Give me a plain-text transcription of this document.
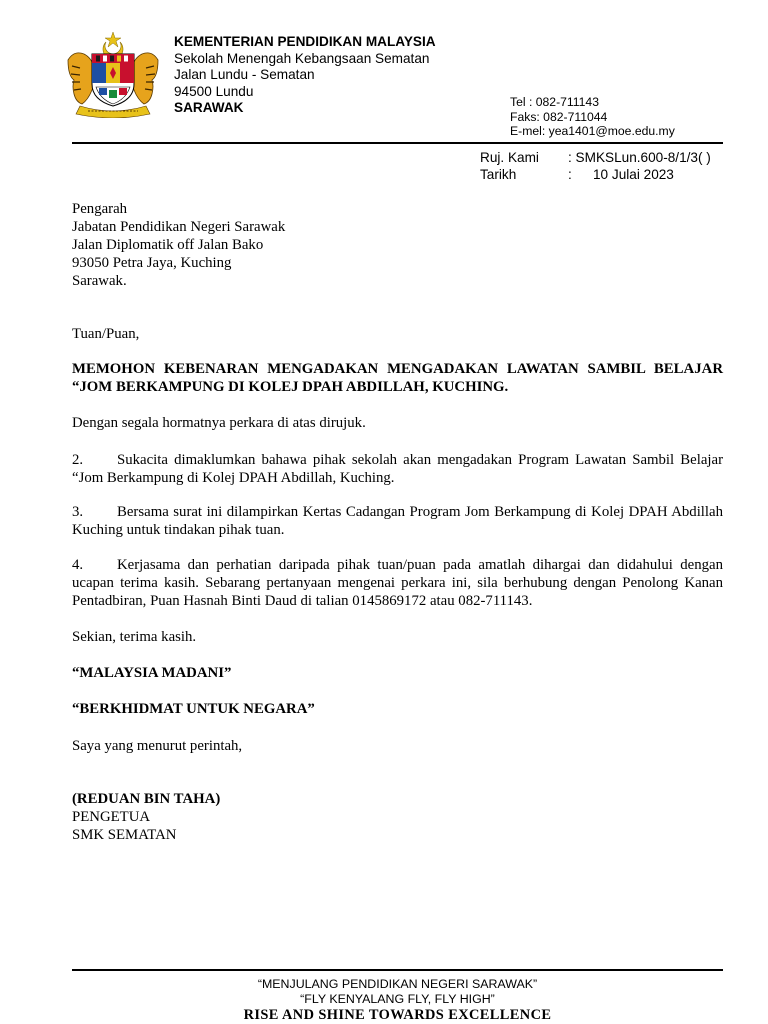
KEMENTERIAN PENDIDIKAN MALAYSIA
Sekolah Menengah Kebangsaan Sematan
Jalan Lundu - Sematan
94500 Lundu
SARAWAK	Tel : 082-711143
Faks: 082-711044
E-mel: yea1401@moe.edu.my
Ruj. Kami : SMKSLun.600-8/1/3( )
Tarikh	: 10 Julai 2023
Pengarah
Jabatan Pendidikan Negeri Sarawak
Jalan Diplomatik off Jalan Bako
93050 Petra Jaya, Kuching
Sarawak.
Tuan/Puan,
MEMOHON KEBENARAN MENGADAKAN MENGADAKAN LAWATAN SAMBIL BELAJAR
“JOM BERKAMPUNG DI KOLEJ DPAH ABDILLAH, KUCHING.
Dengan segala hormatnya perkara di atas dirujuk.
2. Sukacita dimaklumkan bahawa pihak sekolah akan mengadakan Program Lawatan Sambil Belajar “Jom Berkampung di Kolej DPAH Abdillah, Kuching.
3. Bersama surat ini dilampirkan Kertas Cadangan Program Jom Berkampung di Kolej DPAH Abdillah Kuching untuk tindakan pihak tuan.
4. Kerjasama dan perhatian daripada pihak tuan/puan pada amatlah dihargai dan didahului dengan ucapan terima kasih. Sebarang pertanyaan mengenai perkara ini, sila berhubung dengan Penolong Kanan Pentadbiran, Puan Hasnah Binti Daud di talian 0145869172 atau 082-711143.
Sekian, terima kasih.
“MALAYSIA MADANI”
“BERKHIDMAT UNTUK NEGARA”
Saya yang menurut perintah,
(REDUAN BIN TAHA)
PENGETUA
SMK SEMATAN
“MENJULANG PENDIDIKAN NEGERI SARAWAK”
“FLY KENYALANG FLY, FLY HIGH”
RISE AND SHINE TOWARDS EXCELLENCE
